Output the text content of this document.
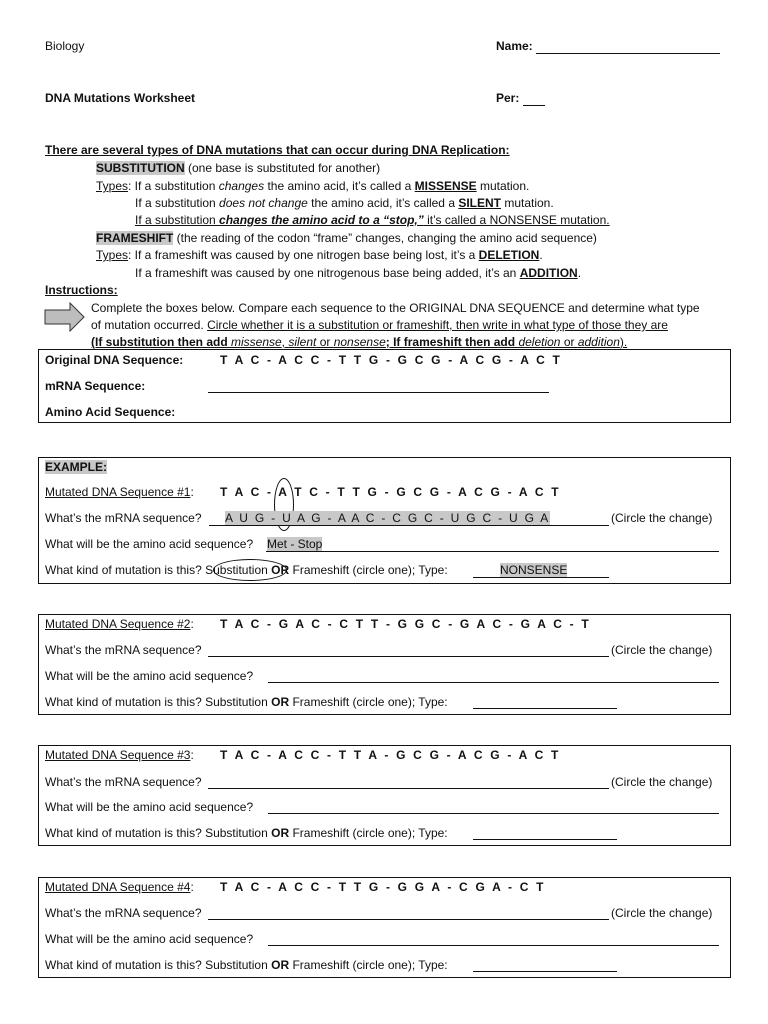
Biology	Name:
DNA Mutations Worksheet	Per:
There are several types of DNA mutations that can occur during DNA Replication:
SUBSTITUTION (one base is substituted for another)
Types: If a substitution changes the amino acid, it’s called a MISSENSE mutation.
If a substitution does not change the amino acid, it’s called a SILENT mutation.
If a substitution changes the amino acid to a “stop,” it’s called a NONSENSE mutation.
FRAMESHIFT (the reading of the codon “frame” changes, changing the amino acid sequence)
Types: If a frameshift was caused by one nitrogen base being lost, it’s a DELETION.
If a frameshift was caused by one nitrogenous base being added, it’s an ADDITION.
Instructions:
Complete the boxes below. Compare each sequence to the ORIGINAL DNA SEQUENCE and determine what type
of mutation occurred. Circle whether it is a substitution or frameshift, then write in what type of those they are
(If substitution then add missense, silent or nonsense; If frameshift then add deletion or addition).
Original DNA Sequence:	T A C - A C C - T T G - G C G - A C G - A C T
mRNA Sequence:
Amino Acid Sequence:
EXAMPLE:
Mutated DNA Sequence #1: T A C - A T C - T T G - G C G - A C G - A C T
What’s the mRNA sequence? A U G - U A G - A A C - C G C - U G C - U G A	(Circle the change)
What will be the amino acid sequence? Met - Stop
What kind of mutation is this? Substitution OR Frameshift (circle one); Type:	NONSENSE
Mutated DNA Sequence #2: T A C - G A C - C T T - G G C - G A C - G A C - T
What’s the mRNA sequence?	(Circle the change)
What will be the amino acid sequence?
What kind of mutation is this? Substitution OR Frameshift (circle one); Type:
Mutated DNA Sequence #3: T A C - A C C - T T A - G C G - A C G - A C T
What’s the mRNA sequence?	(Circle the change)
What will be the amino acid sequence?
What kind of mutation is this? Substitution OR Frameshift (circle one); Type:
Mutated DNA Sequence #4: T A C - A C C - T T G - G G A - C G A - C T
What’s the mRNA sequence?	(Circle the change)
What will be the amino acid sequence?
What kind of mutation is this? Substitution OR Frameshift (circle one); Type:
